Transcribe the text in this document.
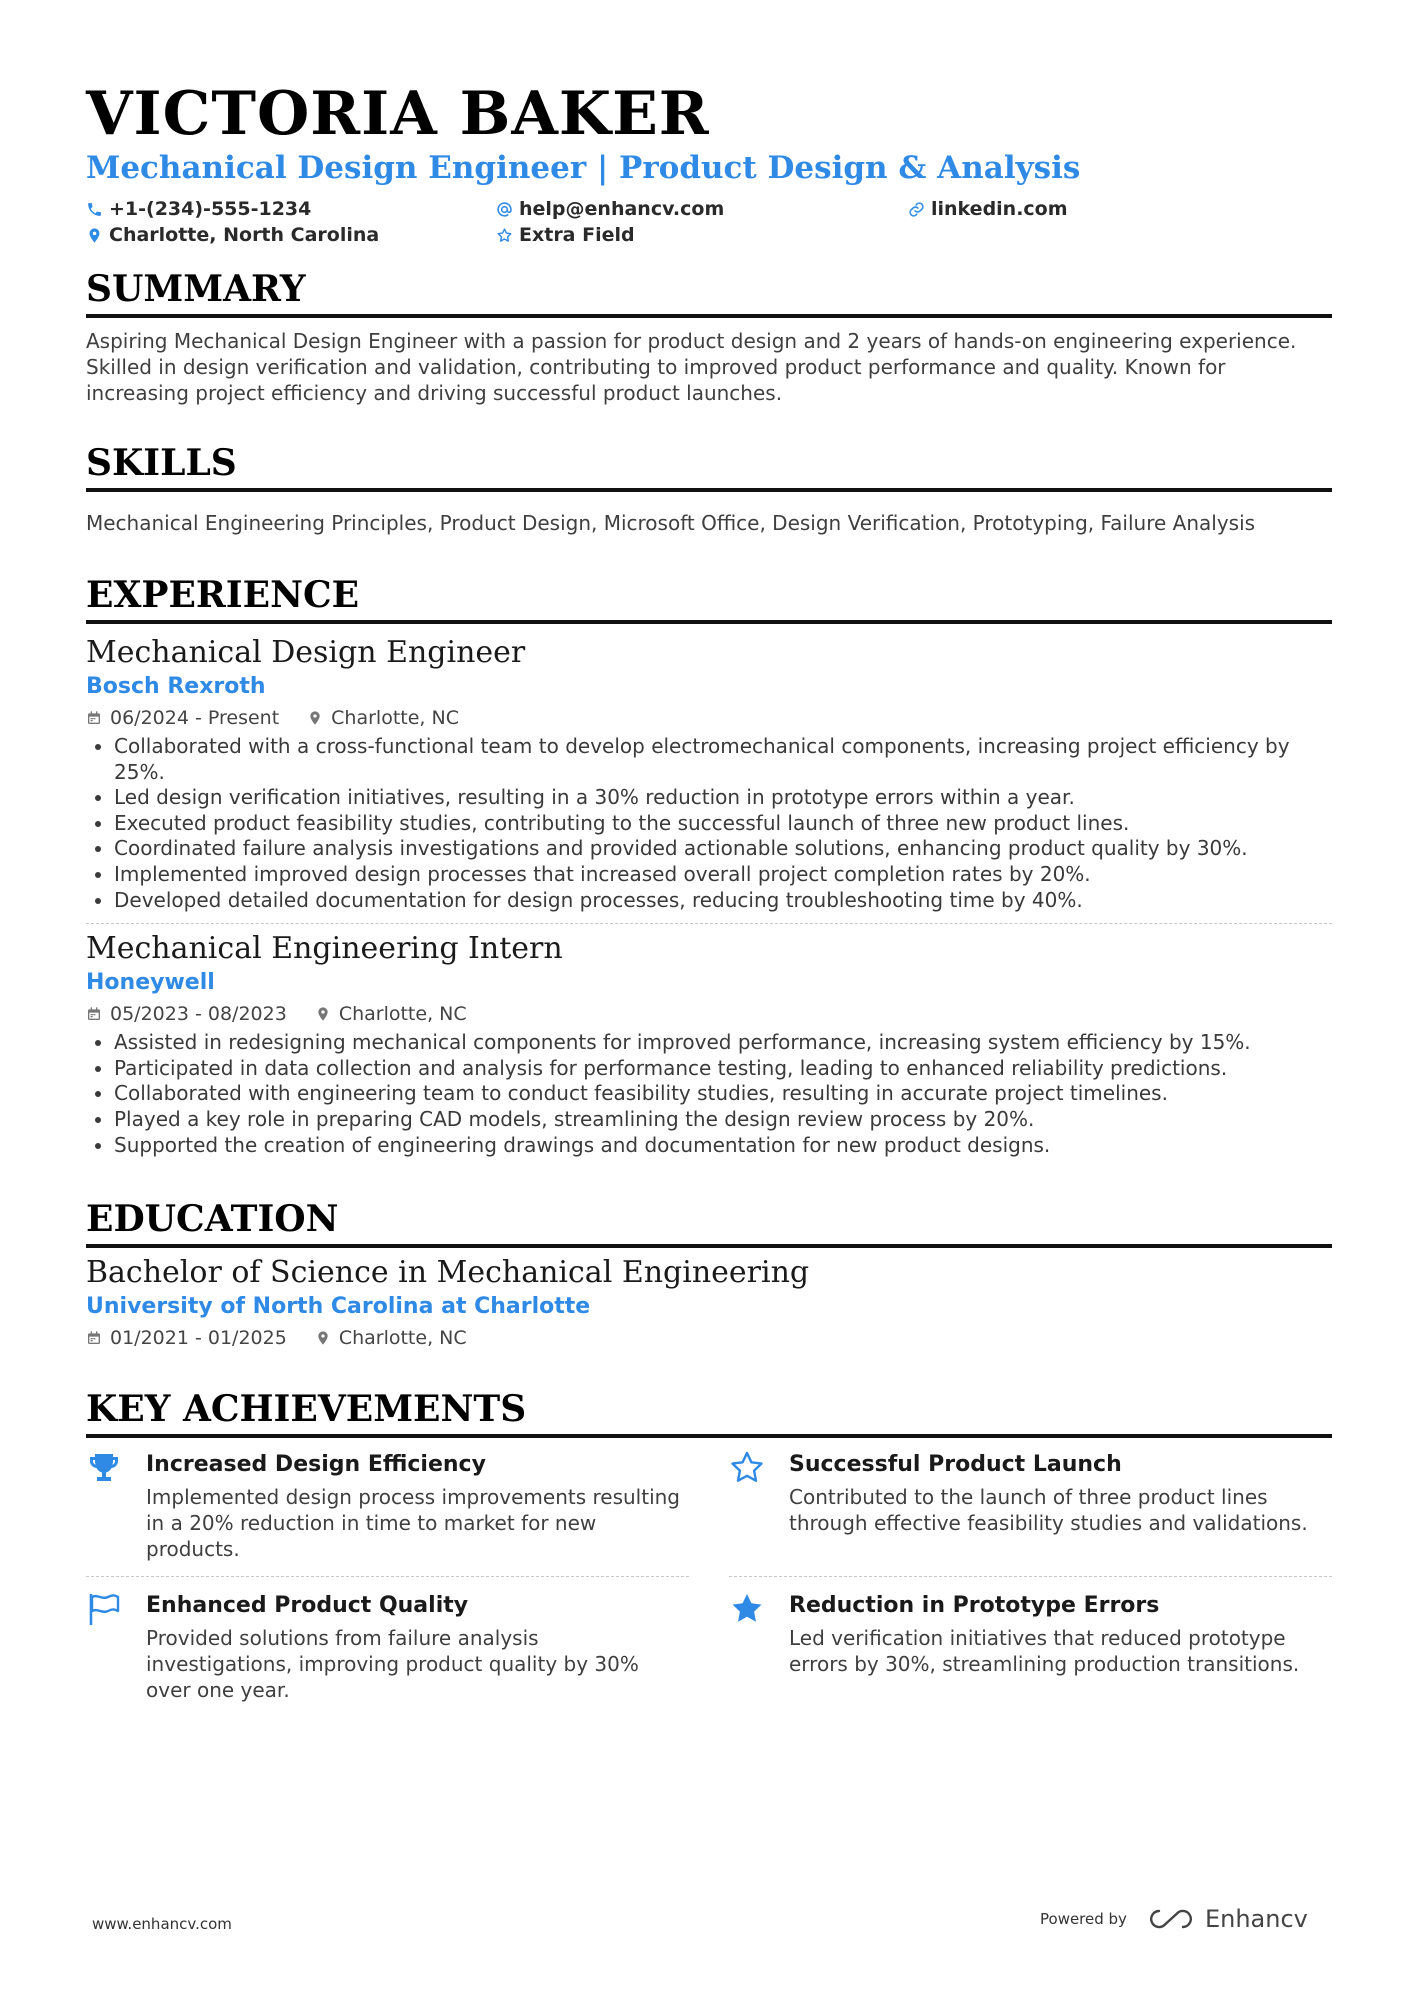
VICTORIA BAKER
Mechanical Design Engineer | Product Design & Analysis
+1-(234)-555-1234	help@enhancv.com	linkedin.com
Charlotte, North Carolina	Extra Field
SUMMARY
Aspiring Mechanical Design Engineer with a passion for product design and 2 years of hands-on engineering experience. Skilled in design verification and validation, contributing to improved product performance and quality. Known for increasing project efficiency and driving successful product launches.
SKILLS
Mechanical Engineering Principles, Product Design, Microsoft Office, Design Verification, Prototyping, Failure Analysis
EXPERIENCE
Mechanical Design Engineer
Bosch Rexroth
06/2024 - Present	Charlotte, NC
• Collaborated with a cross-functional team to develop electromechanical components, increasing project efficiency by 25%.
• Led design verification initiatives, resulting in a 30% reduction in prototype errors within a year.
• Executed product feasibility studies, contributing to the successful launch of three new product lines.
• Coordinated failure analysis investigations and provided actionable solutions, enhancing product quality by 30%.
• Implemented improved design processes that increased overall project completion rates by 20%.
• Developed detailed documentation for design processes, reducing troubleshooting time by 40%.
Mechanical Engineering Intern
Honeywell
05/2023 - 08/2023	Charlotte, NC
• Assisted in redesigning mechanical components for improved performance, increasing system efficiency by 15%.
• Participated in data collection and analysis for performance testing, leading to enhanced reliability predictions.
• Collaborated with engineering team to conduct feasibility studies, resulting in accurate project timelines.
• Played a key role in preparing CAD models, streamlining the design review process by 20%.
• Supported the creation of engineering drawings and documentation for new product designs.
EDUCATION
Bachelor of Science in Mechanical Engineering
University of North Carolina at Charlotte
01/2021 - 01/2025	Charlotte, NC
KEY ACHIEVEMENTS
Increased Design Efficiency
Implemented design process improvements resulting in a 20% reduction in time to market for new products.
Successful Product Launch
Contributed to the launch of three product lines through effective feasibility studies and validations.
Enhanced Product Quality
Provided solutions from failure analysis investigations, improving product quality by 30% over one year.
Reduction in Prototype Errors
Led verification initiatives that reduced prototype errors by 30%, streamlining production transitions.
www.enhancv.com	Powered by	Enhancv
